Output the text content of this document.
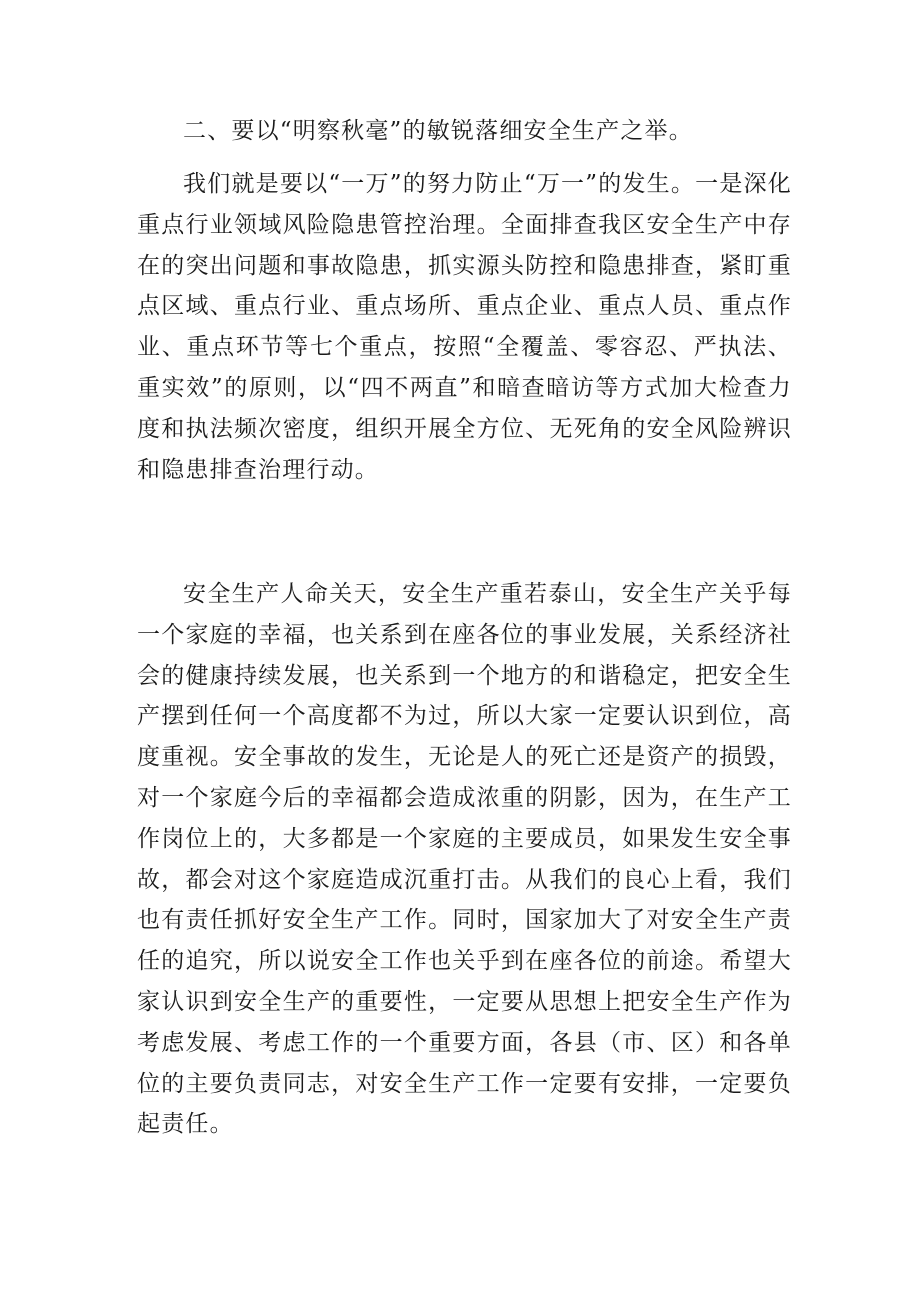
二、要以“明察秋毫”的敏锐落细安全生产之举。
我们就是要以“一万”的努力防止“万一”的发生。一是深化重点行业领域风险隐患管控治理。全面排查我区安全生产中存在的突出问题和事故隐患，抓实源头防控和隐患排查，紧盯重点区域、重点行业、重点场所、重点企业、重点人员、重点作业、重点环节等七个重点，按照“全覆盖、零容忍、严执法、重实效”的原则，以“四不两直”和暗查暗访等方式加大检查力度和执法频次密度，组织开展全方位、无死角的安全风险辨识和隐患排查治理行动。
安全生产人命关天，安全生产重若泰山，安全生产关乎每一个家庭的幸福，也关系到在座各位的事业发展，关系经济社会的健康持续发展，也关系到一个地方的和谐稳定，把安全生产摆到任何一个高度都不为过，所以大家一定要认识到位，高度重视。安全事故的发生，无论是人的死亡还是资产的损毁，对一个家庭今后的幸福都会造成浓重的阴影，因为，在生产工作岗位上的，大多都是一个家庭的主要成员，如果发生安全事故，都会对这个家庭造成沉重打击。从我们的良心上看，我们也有责任抓好安全生产工作。同时，国家加大了对安全生产责任的追究，所以说安全工作也关乎到在座各位的前途。希望大家认识到安全生产的重要性，一定要从思想上把安全生产作为考虑发展、考虑工作的一个重要方面，各县（市、区）和各单位的主要负责同志，对安全生产工作一定要有安排，一定要负起责任。
